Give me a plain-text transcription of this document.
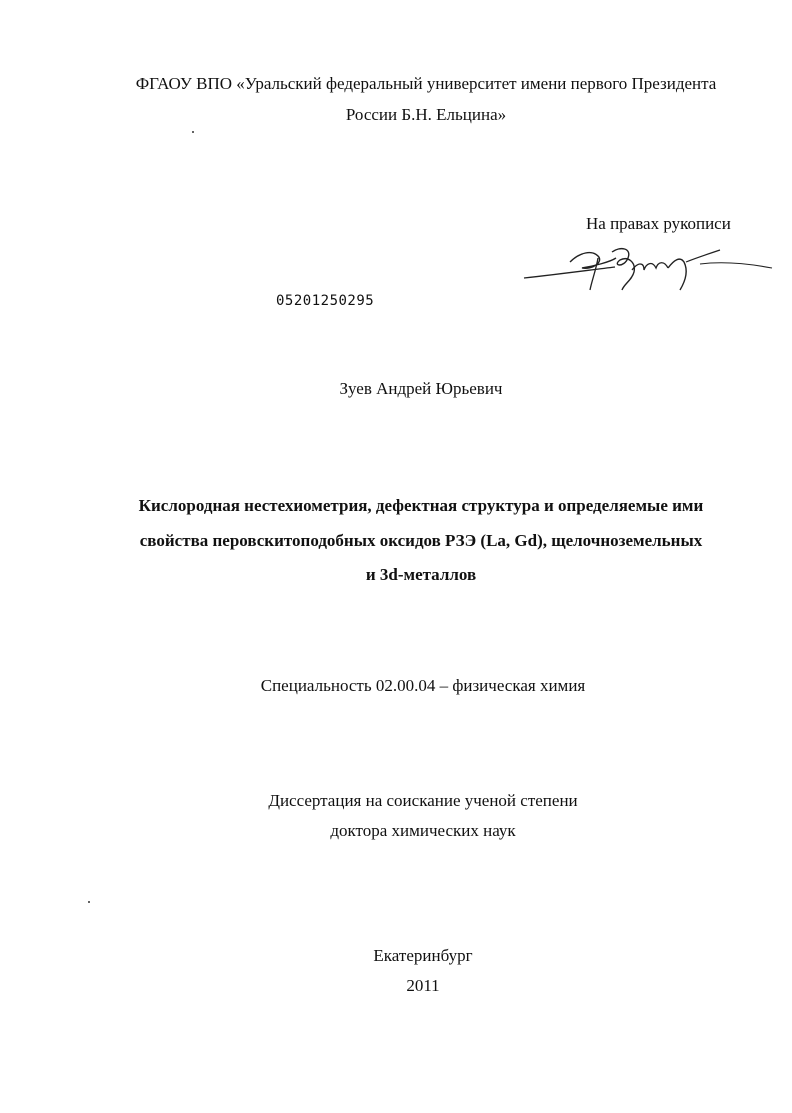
ФГАОУ ВПО «Уральский федеральный университет имени первого Президента
России Б.Н. Ельцина»
На правах рукописи
05201250295
Зуев Андрей Юрьевич
Кислородная нестехиометрия, дефектная структура и определяемые ими
свойства перовскитоподобных оксидов РЗЭ (La, Gd), щелочноземельных
и 3d-металлов
Специальность 02.00.04 – физическая химия
Диссертация на соискание ученой степени
доктора химических наук
Екатеринбург
2011
